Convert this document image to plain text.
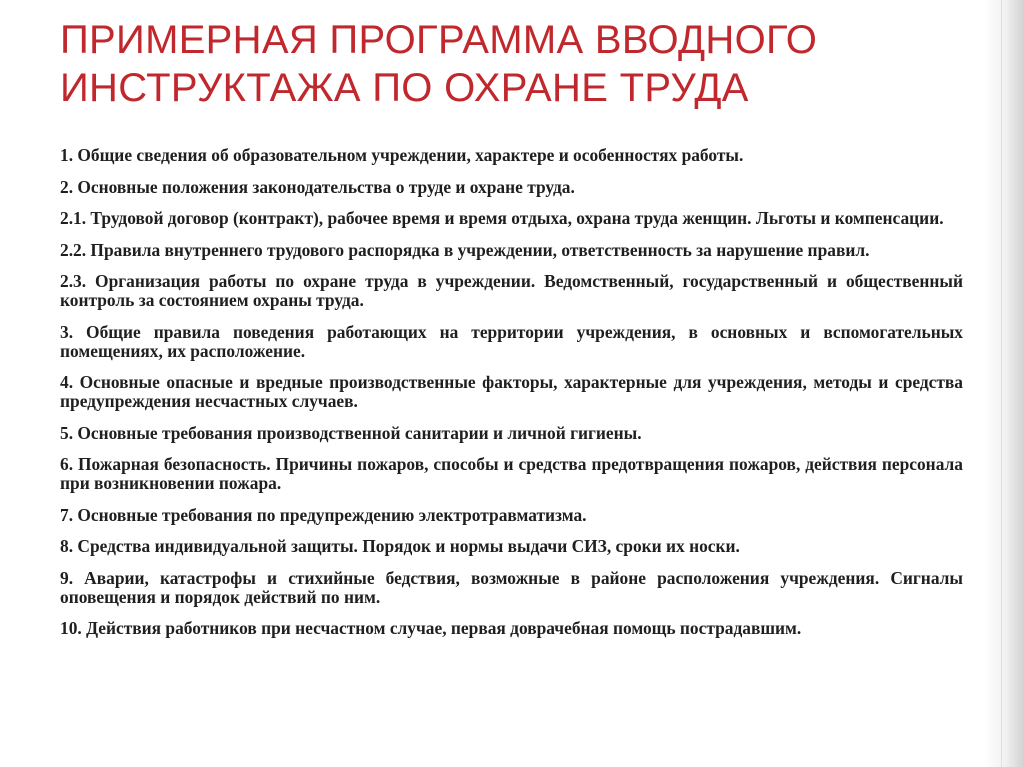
ПРИМЕРНАЯ ПРОГРАММА ВВОДНОГО ИНСТРУКТАЖА ПО ОХРАНЕ ТРУДА
1. Общие сведения об образовательном учреждении, характере и особенностях работы.
2. Основные положения законодательства о труде и охране труда.
2.1. Трудовой договор (контракт), рабочее время и время отдыха, охрана труда женщин. Льготы и компенсации.
2.2. Правила внутреннего трудового распорядка в учреждении, ответственность за нарушение правил.
2.3. Организация работы по охране труда в учреждении. Ведомственный, государственный и общественный контроль за состоянием охраны труда.
3. Общие правила поведения работающих на территории учреждения, в основных и вспомогательных помещениях, их расположение.
4. Основные опасные и вредные производственные факторы, характерные для учреждения, методы и средства предупреждения несчастных случаев.
5. Основные требования производственной санитарии и личной гигиены.
6. Пожарная безопасность. Причины пожаров, способы и средства предотвращения пожаров, действия персонала при возникновении пожара.
7. Основные требования по предупреждению электротравматизма.
8. Средства индивидуальной защиты. Порядок и нормы выдачи СИЗ, сроки их носки.
9. Аварии, катастрофы и стихийные бедствия, возможные в районе расположения учреждения. Сигналы оповещения и порядок действий по ним.
10. Действия работников при несчастном случае, первая доврачебная помощь пострадавшим.
